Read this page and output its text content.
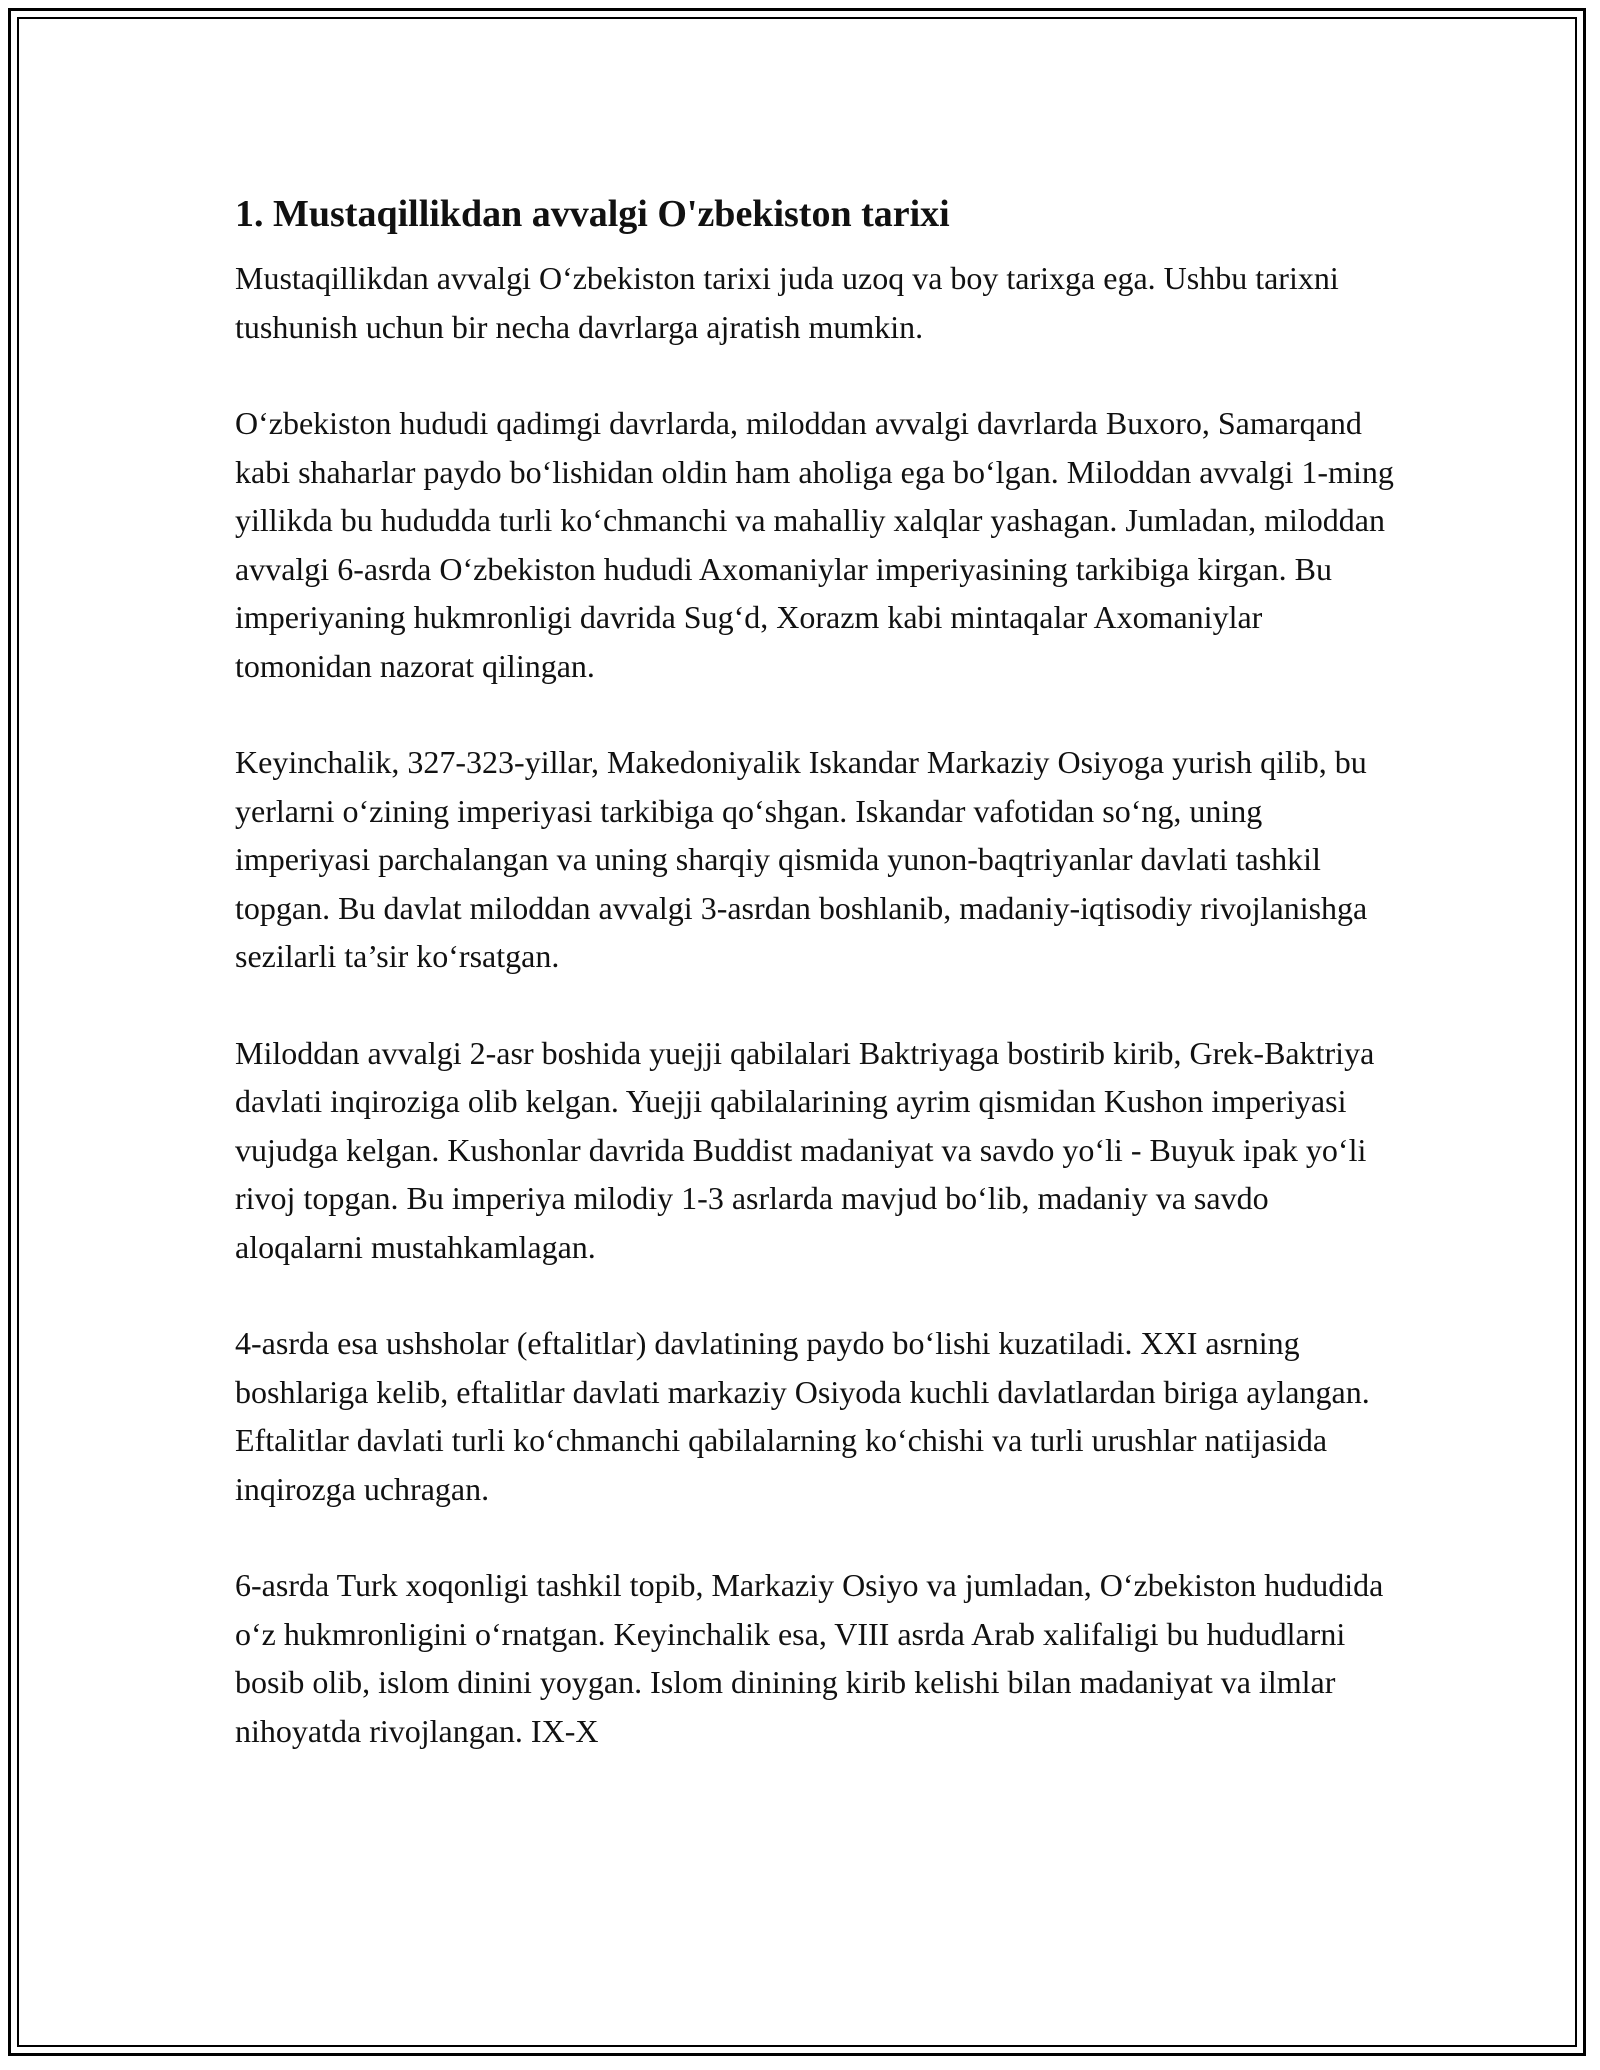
1. Mustaqillikdan avvalgi O'zbekiston tarixi

Mustaqillikdan avvalgi O‘zbekiston tarixi juda uzoq va boy tarixga ega. Ushbu tarixni tushunish uchun bir necha davrlarga ajratish mumkin.

O‘zbekiston hududi qadimgi davrlarda, miloddan avvalgi davrlarda Buxoro, Samarqand kabi shaharlar paydo bo‘lishidan oldin ham aholiga ega bo‘lgan. Miloddan avvalgi 1-ming yillikda bu hududda turli ko‘chmanchi va mahalliy xalqlar yashagan. Jumladan, miloddan avvalgi 6-asrda O‘zbekiston hududi Axomaniylar imperiyasining tarkibiga kirgan. Bu imperiyaning hukmronligi davrida Sug‘d, Xorazm kabi mintaqalar Axomaniylar tomonidan nazorat qilingan.

Keyinchalik, 327-323-yillar, Makedoniyalik Iskandar Markaziy Osiyoga yurish qilib, bu yerlarni o‘zining imperiyasi tarkibiga qo‘shgan. Iskandar vafotidan so‘ng, uning imperiyasi parchalangan va uning sharqiy qismida yunon-baqtriyanlar davlati tashkil topgan. Bu davlat miloddan avvalgi 3-asrdan boshlanib, madaniy-iqtisodiy rivojlanishga sezilarli ta’sir ko‘rsatgan.

Miloddan avvalgi 2-asr boshida yuejji qabilalari Baktriyaga bostirib kirib, Grek-Baktriya davlati inqiroziga olib kelgan. Yuejji qabilalarining ayrim qismidan Kushon imperiyasi vujudga kelgan. Kushonlar davrida Buddist madaniyat va savdo yo‘li - Buyuk ipak yo‘li rivoj topgan. Bu imperiya milodiy 1-3 asrlarda mavjud bo‘lib, madaniy va savdo aloqalarni mustahkamlagan.

4-asrda esa ushsholar (eftalitlar) davlatining paydo bo‘lishi kuzatiladi. XXI asrning boshlariga kelib, eftalitlar davlati markaziy Osiyoda kuchli davlatlardan biriga aylangan. Eftalitlar davlati turli ko‘chmanchi qabilalarning ko‘chishi va turli urushlar natijasida inqirozga uchragan.

6-asrda Turk xoqonligi tashkil topib, Markaziy Osiyo va jumladan, O‘zbekiston hududida o‘z hukmronligini o‘rnatgan. Keyinchalik esa, VIII asrda Arab xalifaligi bu hududlarni bosib olib, islom dinini yoygan. Islom dinining kirib kelishi bilan madaniyat va ilmlar nihoyatda rivojlangan. IX-X
